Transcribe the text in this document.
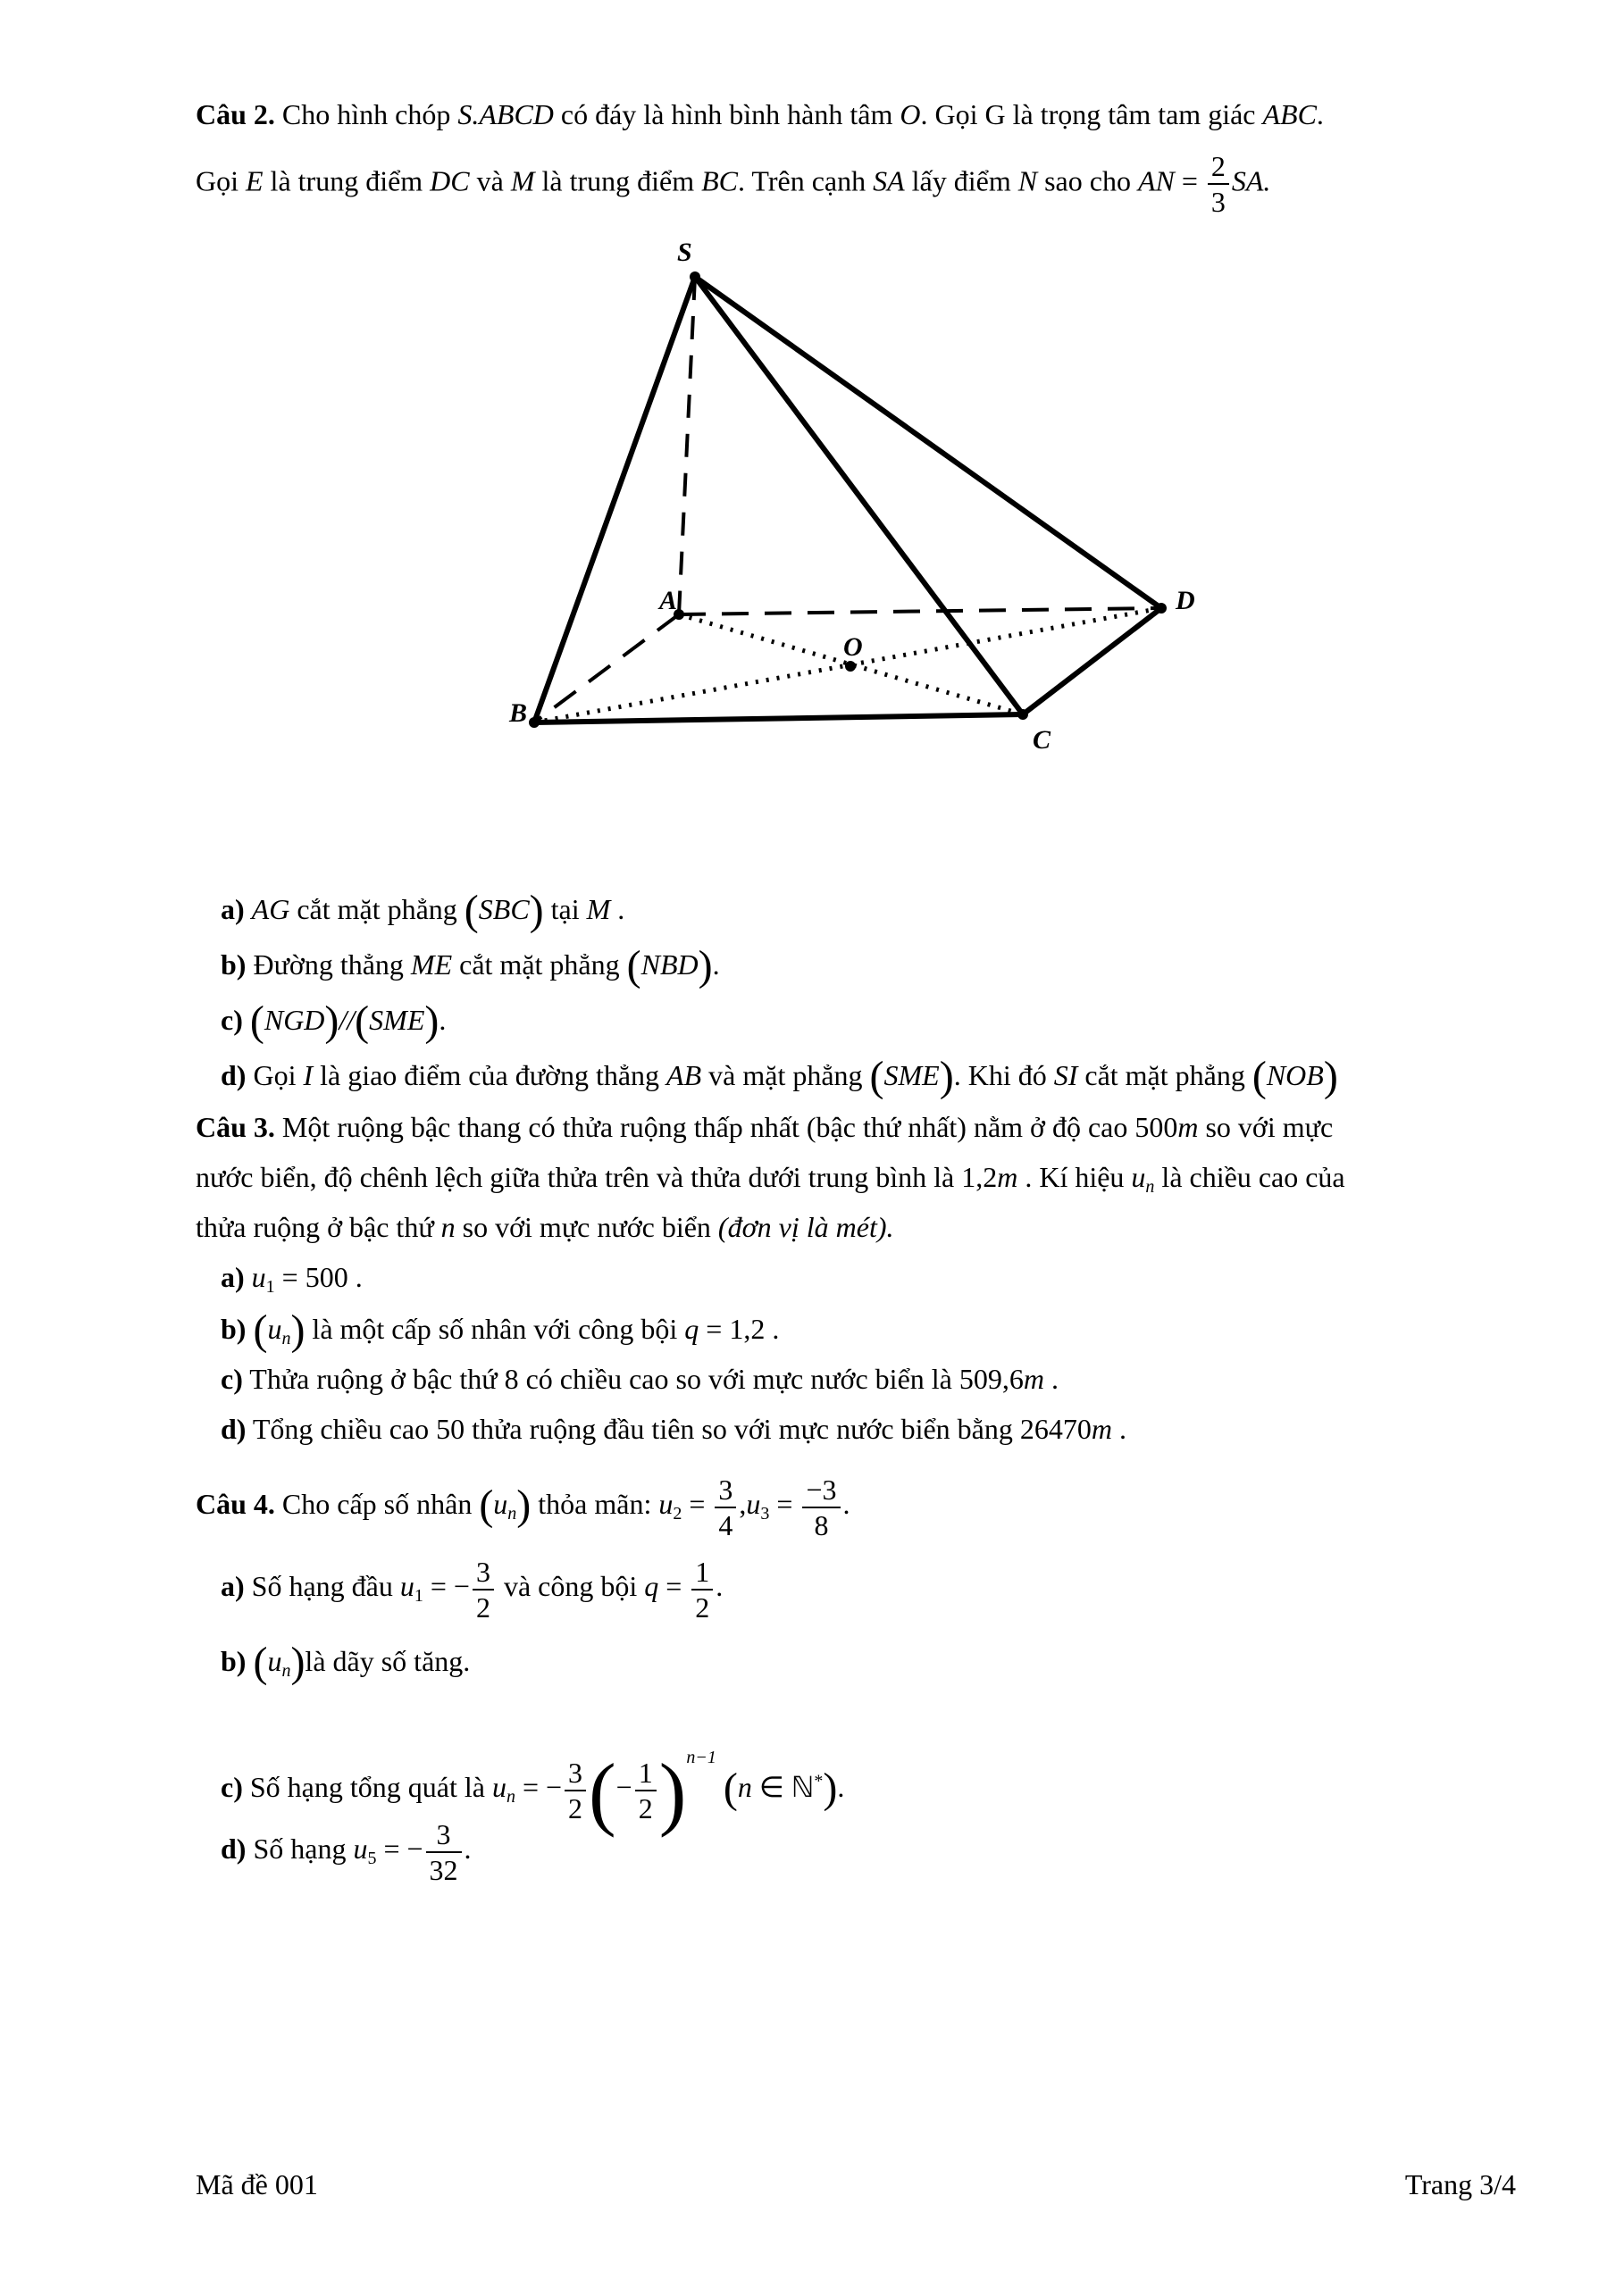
Câu 2. Cho hình chóp S.ABCD có đáy là hình bình hành tâm O. Gọi G là trọng tâm tam giác ABC.
Gọi E là trung điểm DC và M là trung điểm BC. Trên cạnh SA lấy điểm N sao cho AN = $\frac{2}{3}$ SA.
S
A	D
O
B
C
a) AG cắt mặt phẳng (SBC) tại M .
b) Đường thẳng ME cắt mặt phẳng (NBD).
c) (NGD)//(SME).
d) Gọi I là giao điểm của đường thẳng AB và mặt phẳng (SME). Khi đó SI cắt mặt phẳng (NOB)
Câu 3. Một ruộng bậc thang có thửa ruộng thấp nhất (bậc thứ nhất) nằm ở độ cao 500m so với mực
nước biển, độ chênh lệch giữa thửa trên và thửa dưới trung bình là 1,2m . Kí hiệu $u_n$ là chiều cao của
thửa ruộng ở bậc thứ n so với mực nước biển (đơn vị là mét).
a) $u_1 = 500$ .
b) $(u_n)$ là một cấp số nhân với công bội q = 1,2 .
c) Thửa ruộng ở bậc thứ 8 có chiều cao so với mực nước biển là 509,6m .
d) Tổng chiều cao 50 thửa ruộng đầu tiên so với mực nước biển bằng 26470m .
Câu 4. Cho cấp số nhân $(u_n)$ thỏa mãn: $u_2 = \frac{3}{4} ,u_3 = \frac{-3}{8}$ .
a) Số hạng đầu $u_1$ = − $\frac{3}{2}$ và công bội $q = \frac{1}{2}$ .
b) $(u_n)là$ dãy số tăng.
c) Số hạng tổng quát là $u_n$ = − $\frac{3}{2}$ (− $\frac{1}{2} )^{n-1}$ (n ∈ ℕ*).
d) Số hạng $u_5$ = − $\frac{3}{32}$ .
Mã đề 001	Trang 3/4
